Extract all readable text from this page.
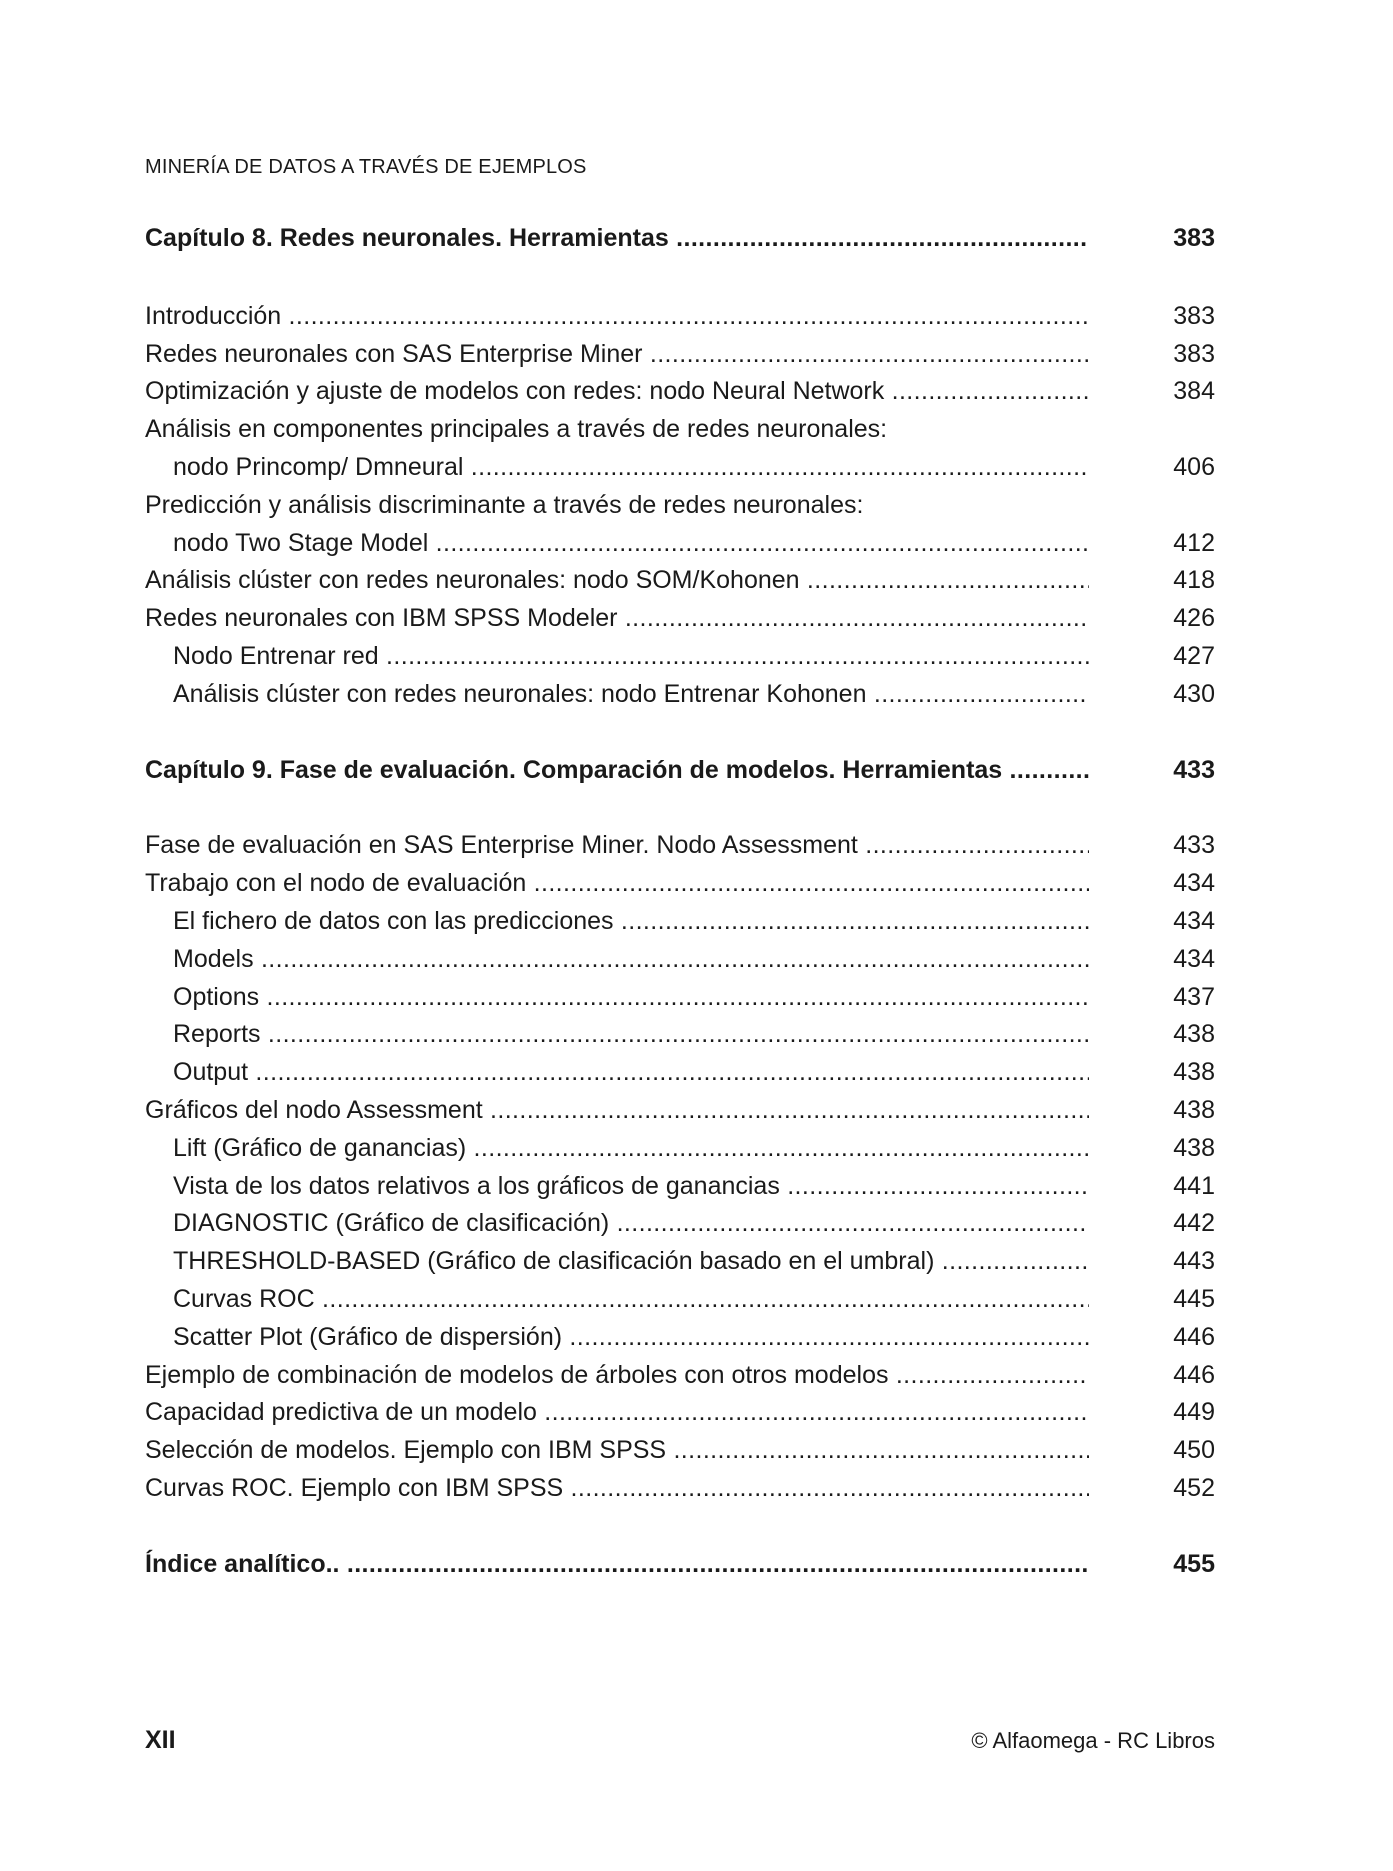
MINERÍA DE DATOS A TRAVÉS DE EJEMPLOS
Capítulo 8. Redes neuronales. Herramientas .....	383
Introducción .....	383
Redes neuronales con SAS Enterprise Miner .....	383
Optimización y ajuste de modelos con redes: nodo Neural Network .....	384
Análisis en componentes principales a través de redes neuronales:
nodo Princomp/ Dmneural .....	406
Predicción y análisis discriminante a través de redes neuronales:
nodo Two Stage Model .....	412
Análisis clúster con redes neuronales: nodo SOM/Kohonen .....	418
Redes neuronales con IBM SPSS Modeler .....	426
Nodo Entrenar red .....	427
Análisis clúster con redes neuronales: nodo Entrenar Kohonen .....	430
Capítulo 9. Fase de evaluación. Comparación de modelos. Herramientas .....	433
Fase de evaluación en SAS Enterprise Miner. Nodo Assessment .....	433
Trabajo con el nodo de evaluación .....	434
El fichero de datos con las predicciones .....	434
Models .....	434
Options .....	437
Reports .....	438
Output .....	438
Gráficos del nodo Assessment .....	438
Lift (Gráfico de ganancias) .....	438
Vista de los datos relativos a los gráficos de ganancias .....	441
DIAGNOSTIC (Gráfico de clasificación) .....	442
THRESHOLD-BASED (Gráfico de clasificación basado en el umbral) .....	443
Curvas ROC .....	445
Scatter Plot (Gráfico de dispersión) .....	446
Ejemplo de combinación de modelos de árboles con otros modelos .....	446
Capacidad predictiva de un modelo .....	449
Selección de modelos. Ejemplo con IBM SPSS .....	450
Curvas ROC. Ejemplo con IBM SPSS .....	452
Índice analítico.. .....	455
XII	© Alfaomega - RC Libros
